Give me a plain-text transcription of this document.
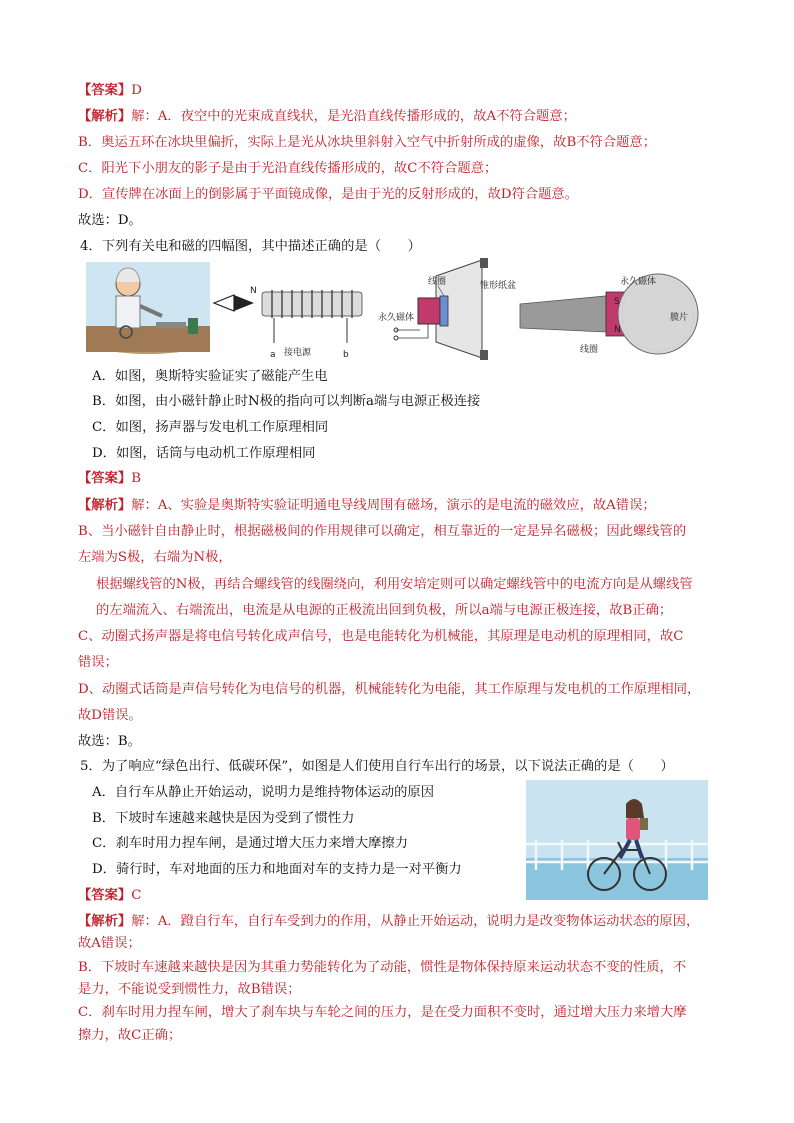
【答案】D
【解析】解：A．夜空中的光束成直线状，是光沿直线传播形成的，故A不符合题意；
B．奥运五环在冰块里偏折，实际上是光从冰块里斜射入空气中折射所成的虚像，故B不符合题意；
C．阳光下小朋友的影子是由于光沿直线传播形成的，故C不符合题意；
D．宣传牌在冰面上的倒影属于平面镜成像，是由于光的反射形成的，故D符合题意。
故选：D。
4．下列有关电和磁的四幅图，其中描述正确的是（　　）
N
a 接电源	b
线圈	锥形纸盆
永久磁体
S
N
永久磁体
膜片
线圈
A．如图，奥斯特实验证实了磁能产生电
B．如图，由小磁针静止时N极的指向可以判断a端与电源正极连接
C．如图，扬声器与发电机工作原理相同
D．如图，话筒与电动机工作原理相同
【答案】B
【解析】解：A、实验是奥斯特实验证明通电导线周围有磁场，演示的是电流的磁效应，故A错误；
B、当小磁针自由静止时，根据磁极间的作用规律可以确定，相互靠近的一定是异名磁极；因此螺线管的
左端为S极，右端为N极，
根据螺线管的N极，再结合螺线管的线圈绕向，利用安培定则可以确定螺线管中的电流方向是从螺线管
的左端流入、右端流出，电流是从电源的正极流出回到负极，所以a端与电源正极连接，故B正确；
C、动圈式扬声器是将电信号转化成声信号，也是电能转化为机械能，其原理是电动机的原理相同，故C
错误；
D、动圈式话筒是声信号转化为电信号的机器，机械能转化为电能，其工作原理与发电机的工作原理相同，
故D错误。
故选：B。
5．为了响应“绿色出行、低碳环保”，如图是人们使用自行车出行的场景，以下说法正确的是（　　）
A．自行车从静止开始运动，说明力是维持物体运动的原因
B．下坡时车速越来越快是因为受到了惯性力
C．刹车时用力捏车闸，是通过增大压力来增大摩擦力
D．骑行时，车对地面的压力和地面对车的支持力是一对平衡力
【答案】C
【解析】解：A．蹬自行车，自行车受到力的作用，从静止开始运动，说明力是改变物体运动状态的原因，
故A错误；
B．下坡时车速越来越快是因为其重力势能转化为了动能，惯性是物体保持原来运动状态不变的性质，不
是力，不能说受到惯性力，故B错误；
C．刹车时用力捏车闸，增大了刹车块与车轮之间的压力，是在受力面积不变时，通过增大压力来增大摩
擦力，故C正确；
